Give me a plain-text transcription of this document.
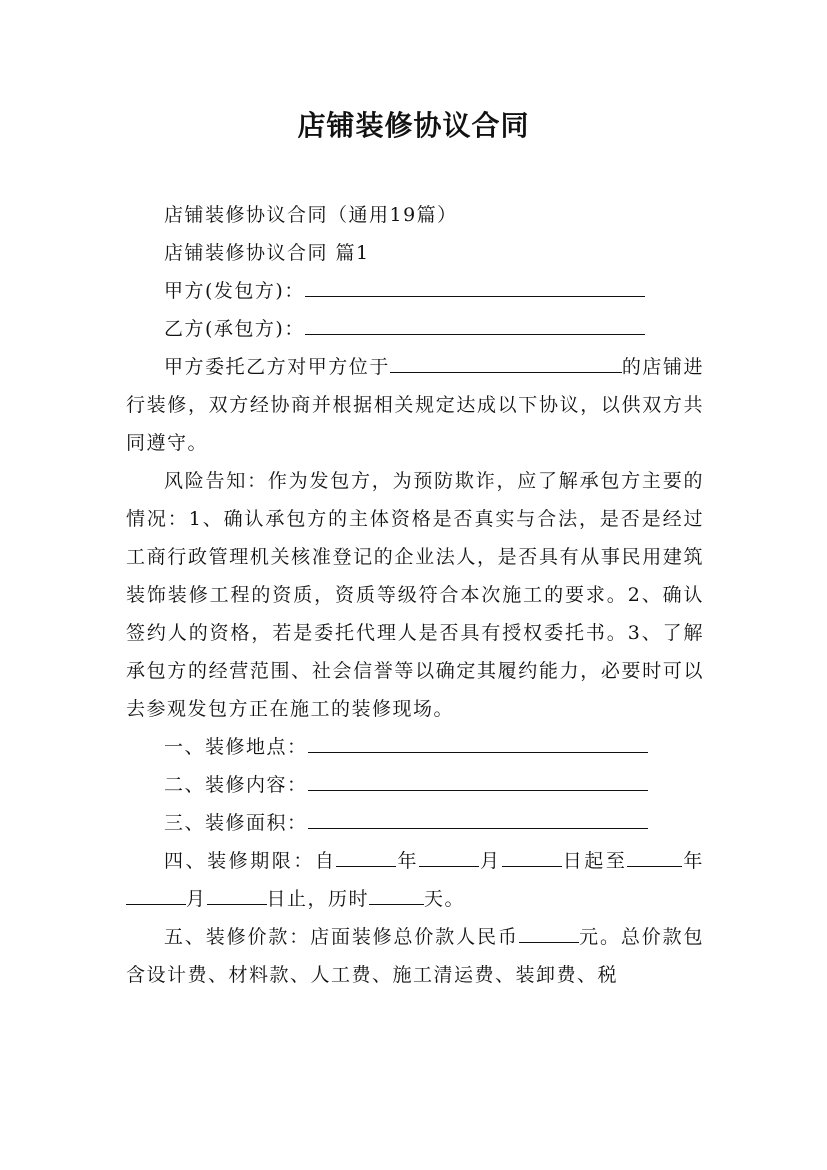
店铺装修协议合同

店铺装修协议合同（通用19篇）

店铺装修协议合同 篇1

甲方(发包方)：

乙方(承包方)：

甲方委托乙方对甲方位于	的店铺进行装修，双方经协商并根据相关规定达成以下协议，以供双方共同遵守。

风险告知：作为发包方，为预防欺诈，应了解承包方主要的情况：1、确认承包方的主体资格是否真实与合法，是否是经过工商行政管理机关核准登记的企业法人，是否具有从事民用建筑装饰装修工程的资质，资质等级符合本次施工的要求。2、确认签约人的资格，若是委托代理人是否具有授权委托书。3、了解承包方的经营范围、社会信誉等以确定其履约能力，必要时可以去参观发包方正在施工的装修现场。

一、装修地点：

二、装修内容：

三、装修面积：

四、装修期限：自	年	月	日起至	年月	日止，历时	天。

五、装修价款：店面装修总价款人民币	元。总价款包含设计费、材料款、人工费、施工清运费、装卸费、税
